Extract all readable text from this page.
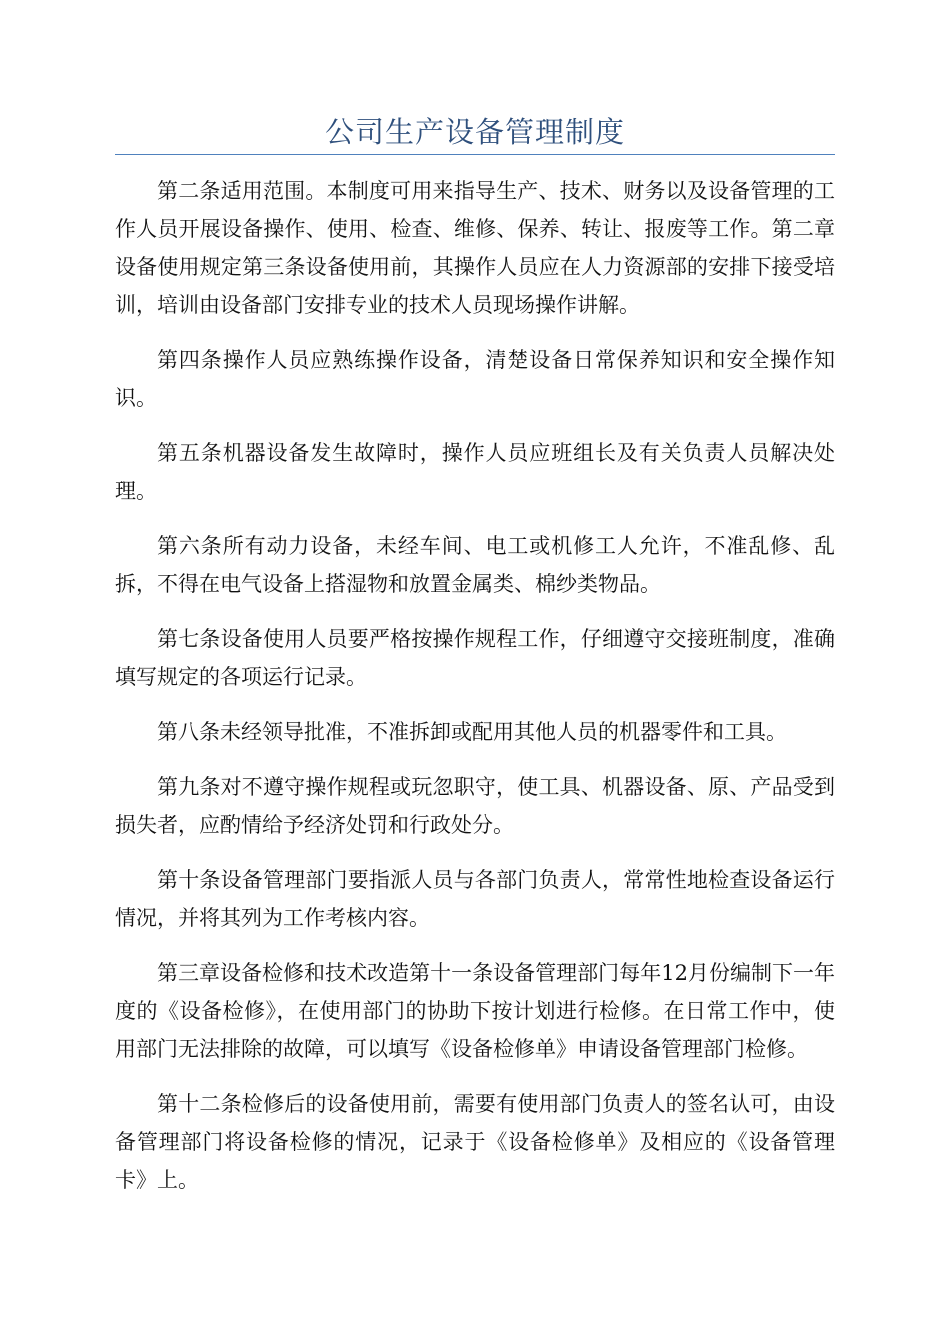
公司生产设备管理制度

第二条适用范围。本制度可用来指导生产、技术、财务以及设备管理的工作人员开展设备操作、使用、检查、维修、保养、转让、报废等工作。第二章设备使用规定第三条设备使用前，其操作人员应在人力资源部的安排下接受培训，培训由设备部门安排专业的技术人员现场操作讲解。

第四条操作人员应熟练操作设备，清楚设备日常保养知识和安全操作知识。

第五条机器设备发生故障时，操作人员应班组长及有关负责人员解决处理。

第六条所有动力设备，未经车间、电工或机修工人允许，不准乱修、乱拆，不得在电气设备上搭湿物和放置金属类、棉纱类物品。

第七条设备使用人员要严格按操作规程工作，仔细遵守交接班制度，准确填写规定的各项运行记录。

第八条未经领导批准，不准拆卸或配用其他人员的机器零件和工具。

第九条对不遵守操作规程或玩忽职守，使工具、机器设备、原、产品受到损失者，应酌情给予经济处罚和行政处分。

第十条设备管理部门要指派人员与各部门负责人，常常性地检查设备运行情况，并将其列为工作考核内容。

第三章设备检修和技术改造第十一条设备管理部门每年12月份编制下一年度的《设备检修》，在使用部门的协助下按计划进行检修。在日常工作中，使用部门无法排除的故障，可以填写《设备检修单》申请设备管理部门检修。

第十二条检修后的设备使用前，需要有使用部门负责人的签名认可，由设备管理部门将设备检修的情况，记录于《设备检修单》及相应的《设备管理卡》上。
